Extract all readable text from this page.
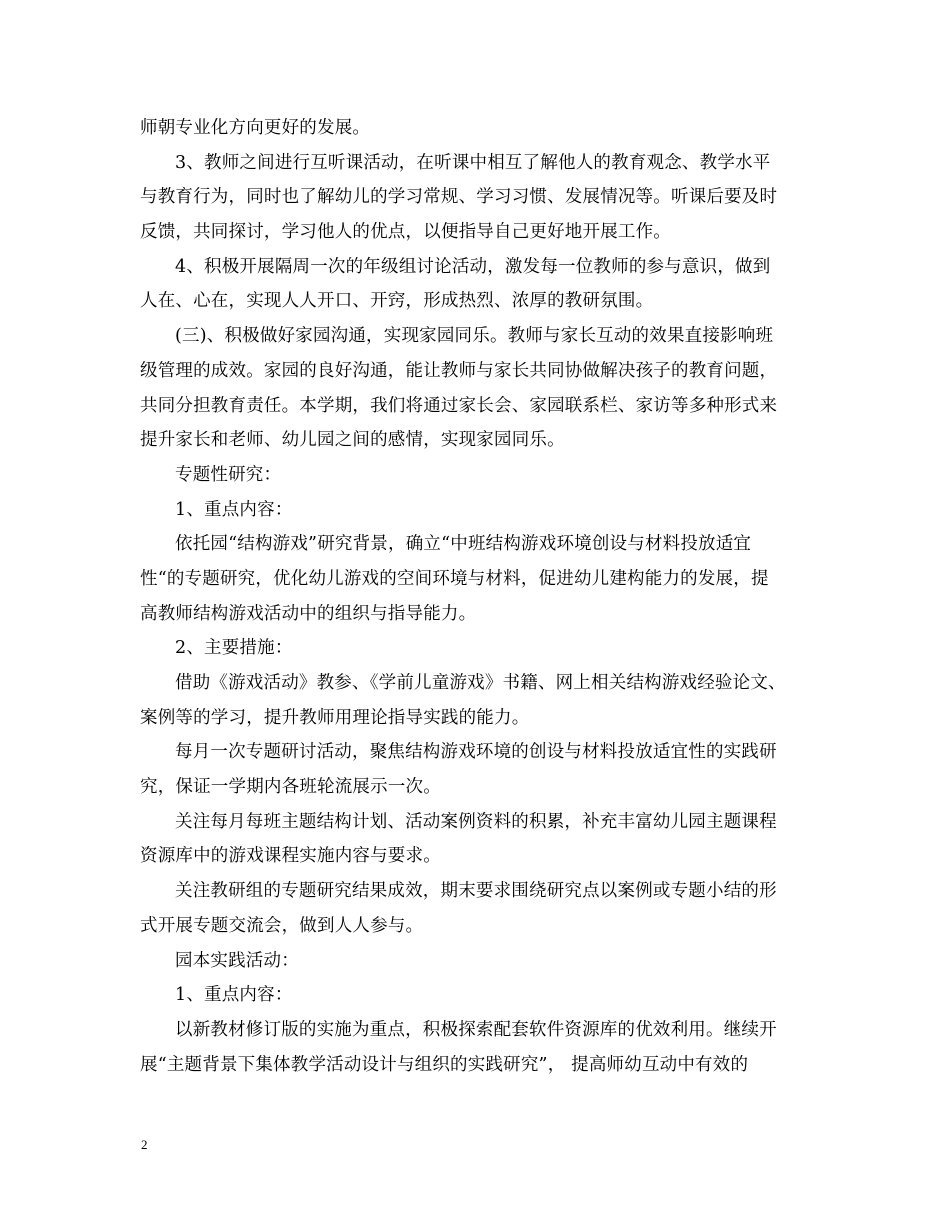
师朝专业化方向更好的发展。
3、教师之间进行互听课活动，在听课中相互了解他人的教育观念、教学水平
与教育行为，同时也了解幼儿的学习常规、学习习惯、发展情况等。听课后要及时
反馈，共同探讨，学习他人的优点，以便指导自己更好地开展工作。
4、积极开展隔周一次的年级组讨论活动，激发每一位教师的参与意识，做到
人在、心在，实现人人开口、开窍，形成热烈、浓厚的教研氛围。
(三)、积极做好家园沟通，实现家园同乐。教师与家长互动的效果直接影响班
级管理的成效。家园的良好沟通，能让教师与家长共同协做解决孩子的教育问题，
共同分担教育责任。本学期，我们将通过家长会、家园联系栏、家访等多种形式来
提升家长和老师、幼儿园之间的感情，实现家园同乐。
专题性研究：
1、重点内容：
依托园“结构游戏”研究背景，确立“中班结构游戏环境创设与材料投放适宜
性“的专题研究，优化幼儿游戏的空间环境与材料，促进幼儿建构能力的发展，提
高教师结构游戏活动中的组织与指导能力。
2、主要措施：
借助《游戏活动》教参、《学前儿童游戏》书籍、网上相关结构游戏经验论文、
案例等的学习，提升教师用理论指导实践的能力。
每月一次专题研讨活动，聚焦结构游戏环境的创设与材料投放适宜性的实践研
究，保证一学期内各班轮流展示一次。
关注每月每班主题结构计划、活动案例资料的积累，补充丰富幼儿园主题课程
资源库中的游戏课程实施内容与要求。
关注教研组的专题研究结果成效，期末要求围绕研究点以案例或专题小结的形
式开展专题交流会，做到人人参与。
园本实践活动：
1、重点内容：
以新教材修订版的实施为重点，积极探索配套软件资源库的优效利用。继续开
展“主题背景下集体教学活动设计与组织的实践研究”， 提高师幼互动中有效的
2
